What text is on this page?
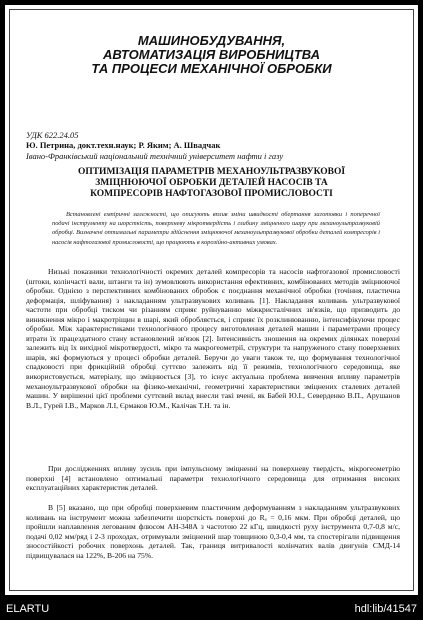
МАШИНОБУДУВАННЯ,
АВТОМАТИЗАЦІЯ ВИРОБНИЦТВА
ТА ПРОЦЕСИ МЕХАНІЧНОЇ ОБРОБКИ
УДК 622.24.05
Ю. Петрина, докт.техн.наук; Р. Яким; А. Швадчак
Івано-Франківський національний технічний університет нафти і газу
ОПТИМІЗАЦІЯ ПАРАМЕТРІВ МЕХАНОУЛЬТРАЗВУКОВОЇ
ЗМІЦНЮЮЧОЇ ОБРОБКИ ДЕТАЛЕЙ НАСОСІВ ТА
КОМПРЕСОРІВ НАФТОГАЗОВОЇ ПРОМИСЛОВОСТІ
Встановлені емпіричні залежності, що описують вплив зміни швидкості обертання заготовки і поперечної подачі інструменту на шорсткість, поверхневу мікротвердість і глибину зміцненого шару при механоультразвуковій обробці. Визначені оптимальні параметри здійснення зміцнюючої механоультразвукової обробки деталей компресорів і насосів нафтогазової промисловості, що працюють в корозійно-активних умовах.
Низькі показники технологічності окремих деталей компресорів та насосів нафтогазової промисловості (штоки, колінчасті вали, штанги та ін) зумовлюють використання ефективних, комбінованих методів зміцнюючої обробки. Однією з перспективних комбінованих обробок є поєднання механічної обробки (точіння, пластична деформація, шліфування) з накладанням ультразвукових коливань [1]. Накладання коливань ультразвукової частоти при обробці тиском чи різанням сприяє руйнуванню міжкристалічних зв'язків, що призводить до виникнення мікро і макротріщин в шарі, який обробляється, і сприяє їх розклинюванню, інтенсифікуючи процес обробки. Між характеристиками технологічного процесу виготовлення деталей машин і параметрами процесу втрати їх працездатного стану встановлений зв'язок [2]. Інтенсивність зношення на окремих ділянках поверхні залежить від їх вихідної мікротвердості, мікро та макрогеометрії, структури та напруженого стану поверхневих шарів, які формуються у процесі обробки деталей. Беручи до уваги також те, що формування технологічної спадковості при фрикційній обробці суттєво залежить від її режимів, технологічного середовища, яке використовується, матеріалу, що зміцнюється [3], то існує актуальна проблема вивчення впливу параметрів механоультразвукової обробки на фізико-механічні, геометричні характеристики зміцнених сталевих деталей машин. У вирішенні цієї проблеми суттєвий вклад внесли такі вчені, як Бабей Ю.І., Северденко В.П., Арушанов В.Л., Гурей І.В., Марков Л.І, Єрмаков Ю.М., Калічак Т.Н. та ін.
При дослідженнях впливу зусиль при імпульсному зміцненні на поверхневу твердість, мікрогеометрію поверхні [4] встановлено оптимальні параметри технологічного середовища для отримання високих експлуатаційних характеристик деталей.
В [5] вказано, що при обробці поверхневим пластичним деформуванням з накладанням ультразвукових коливань на інструмент можна забезпечити шорсткість поверхні до Rₐ = 0,16 мкм. При обробці деталей, що пройшли наплавлення легованим флюсом АН-348А з частотою 22 кГц, швидкості руху інструмента 0,7-0,8 м/с, подачі 0,02 мм/ряд і 2-3 проходах, отримували зміцнений шар товщиною 0,3-0,4 мм, та спостерігали підвищення зносостійкості робочих поверхонь деталей. Так, границя витривалості колінчатих валів двигунів СМД-14 підвищувалася на 122%, В-206 на 75%.
ELARTU	hdl:lib/41547
